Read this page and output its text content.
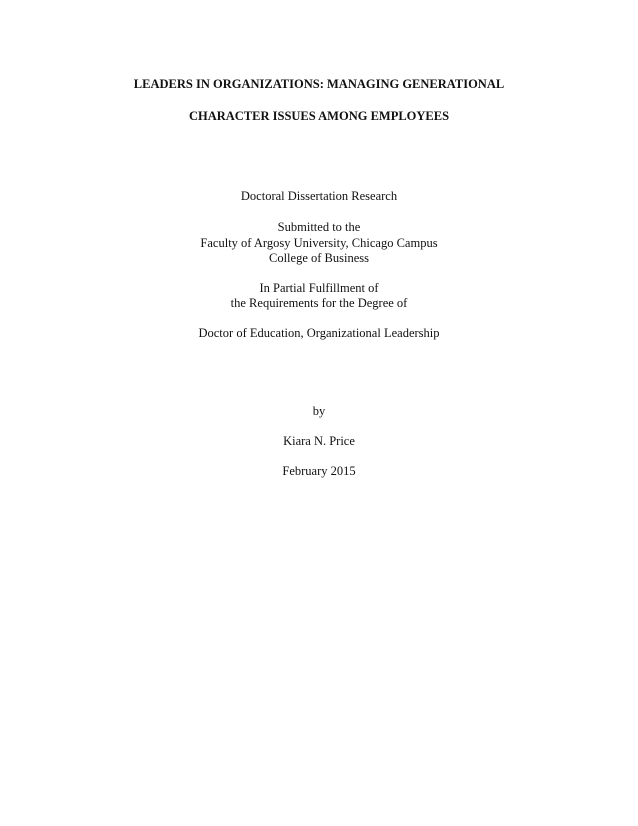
LEADERS IN ORGANIZATIONS: MANAGING GENERATIONAL
CHARACTER ISSUES AMONG EMPLOYEES
Doctoral Dissertation Research
Submitted to the
Faculty of Argosy University, Chicago Campus
College of Business
In Partial Fulfillment of
the Requirements for the Degree of
Doctor of Education, Organizational Leadership
by
Kiara N. Price
February 2015
